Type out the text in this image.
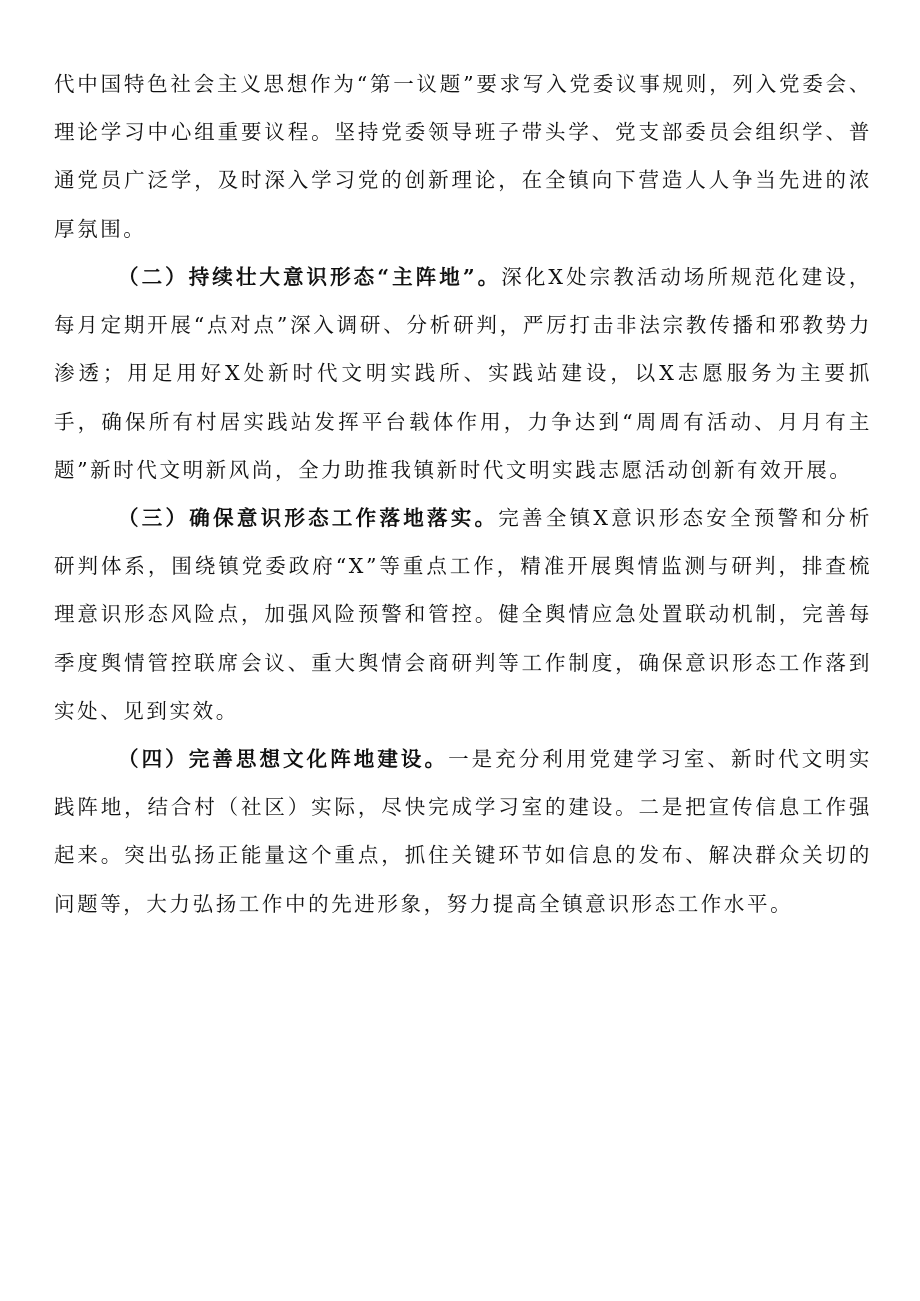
代中国特色社会主义思想作为“第一议题”要求写入党委议事规则，列入党委会、理论学习中心组重要议程。坚持党委领导班子带头学、党支部委员会组织学、普通党员广泛学，及时深入学习党的创新理论，在全镇向下营造人人争当先进的浓厚氛围。

（二）持续壮大意识形态“主阵地”。深化X处宗教活动场所规范化建设，每月定期开展“点对点”深入调研、分析研判，严厉打击非法宗教传播和邪教势力渗透；用足用好X处新时代文明实践所、实践站建设，以X志愿服务为主要抓手，确保所有村居实践站发挥平台载体作用，力争达到“周周有活动、月月有主题”新时代文明新风尚，全力助推我镇新时代文明实践志愿活动创新有效开展。

（三）确保意识形态工作落地落实。完善全镇X意识形态安全预警和分析研判体系，围绕镇党委政府“X”等重点工作，精准开展舆情监测与研判，排查梳理意识形态风险点，加强风险预警和管控。健全舆情应急处置联动机制，完善每季度舆情管控联席会议、重大舆情会商研判等工作制度，确保意识形态工作落到实处、见到实效。

（四）完善思想文化阵地建设。一是充分利用党建学习室、新时代文明实践阵地，结合村（社区）实际，尽快完成学习室的建设。二是把宣传信息工作强起来。突出弘扬正能量这个重点，抓住关键环节如信息的发布、解决群众关切的问题等，大力弘扬工作中的先进形象，努力提高全镇意识形态工作水平。
